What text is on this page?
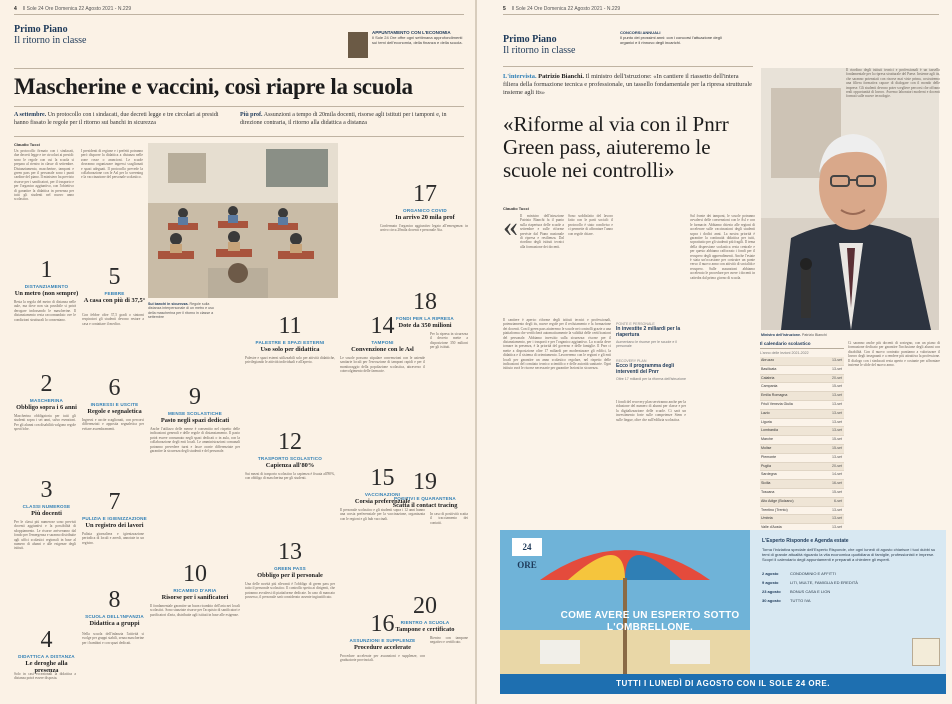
4 Il Sole 24 Ore Domenica 22 Agosto 2021 - N.229
Primo Piano
Il ritorno in classe
APPUNTAMENTO CON L'ECONOMIA
Il Sole 24 Ore offre ogni settimana approfondimenti sui temi dell'economia, della finanza e della scuola.
Mascherine e vaccini, così riapre la scuola
A settembre. Un protocollo con i sindacati, due decreti legge e tre circolari ai presidi hanno fissato le regole per il ritorno sui banchi in sicurezza
Più prof. Assunzioni a tempo di 20mila docenti, risorse agli istituti per i tamponi e, in direzione contraria, il ritorno alla didattica a distanza
Claudio Tucci
Un protocollo firmato con i sindacati, due decreti legge e tre circolari ai presidi: sono le regole con cui la scuola si prepara al rientro in classe di settembre. Distanziamento, mascherine, tamponi e green pass per il personale sono i punti cardine del piano. Il ministero ha previsto risorse per i sanificatori, per il trasporto e per l'organico aggiuntivo, con l'obiettivo di garantire la didattica in presenza per tutti gli studenti nel nuovo anno scolastico.
I presidenti di regione e i prefetti potranno però disporre la didattica a distanza nelle zone rosse o arancioni. Le scuole dovranno organizzare ingressi scaglionati e spazi adeguati. Il protocollo prevede la collaborazione con le Asl per lo screening e la vaccinazione del personale scolastico.
Sui banchi in sicurezza. Regole sulla distanza interpersonale di un metro e uso della mascherina per il ritorno in classe a settembre
1
DISTANZIAMENTO
Un metro (non sempre)
Resta la regola del metro di distanza nelle aule, ma dove non sia possibile si potrà derogare indossando le mascherine. Il distanziamento resta raccomandato ove le condizioni strutturali lo consentano.
2
MASCHERINA
Obbligo sopra i 6 anni
Mascherina obbligatoria per tutti gli studenti sopra i sei anni, salvo esenzioni. Per gli alunni con disabilità valgono regole specifiche.
3
CLASSI NUMEROSE
Più docenti
Per le classi più numerose sono previsti docenti aggiuntivi e la possibilità di sdoppiamento. Le risorse arriveranno dal fondo per l'emergenza e saranno distribuite agli uffici scolastici regionali in base al numero di alunni e alle esigenze degli istituti.
4
DIDATTICA A DISTANZA
Le deroghe alla presenza
Solo in casi eccezionali la didattica a distanza potrà essere disposta.
5
FEBBRE
A casa con più di 37,5°
Con febbre oltre 37,5 gradi o sintomi respiratori gli studenti devono restare a casa e contattare il medico.
6
INGRESSI E USCITE
Regole e segnaletica
Ingressi e uscite scaglionati, con percorsi differenziati e apposita segnaletica per evitare assembramenti.
7
PULIZIA E IGIENIZZAZIONE
Un registro dei lavori
Pulizia giornaliera e igienizzazione periodica di locali e arredi, annotate in un registro.
8
SCUOLA DELL'INFANZIA
Didattica a gruppi
Nella scuola dell'infanzia l'attività si svolge per gruppi stabili, senza mascherine per i bambini e con spazi dedicati.
9
MENSE SCOLASTICHE
Pasto negli spazi dedicati
Anche l'utilizzo delle mense è consentito nel rispetto delle indicazioni generali e delle regole di distanziamento. Il pasto potrà essere consumato negli spazi dedicati o in aula, con la collaborazione degli enti locali. Le amministrazioni comunali potranno prevedere turni e fasce orarie differenziate per garantire la sicurezza degli studenti e del personale.
10
RICAMBIO D'ARIA
Risorse per i sanificatori
Il fondamentale garantire un buon ricambio dell'aria nei locali scolastici. Sono stanziate risorse per l'acquisto di sanificatori e purificatori d'aria, distribuite agli istituti in base alle esigenze.
11
PALESTRE E SPAZI ESTERNI
Uso solo per didattica
Palestre e spazi esterni utilizzabili solo per attività didattiche, privilegiando le attività individuali e all'aperto.
12
TRASPORTO SCOLASTICO
Capienza all'80%
Sui mezzi di trasporto scolastico la capienza è fissata all'80%, con obbligo di mascherina per gli studenti.
13
GREEN PASS
Obbligo per il personale
Una delle novità più rilevanti è l'obbligo di green pass per tutto il personale scolastico. Il controllo spetta ai dirigenti, che potranno avvalersi di piattaforme dedicate. In caso di mancato possesso, il personale sarà considerato assente ingiustificato.
14
TAMPONI
Convenzione con le Asl
Le scuole possono stipulare convenzioni con le aziende sanitarie locali per l'esecuzione di tamponi rapidi e per il monitoraggio della popolazione scolastica, attraverso il coinvolgimento delle farmacie.
15
VACCINAZIONI
Corsia preferenziale
Il personale scolastico e gli studenti sopra i 12 anni hanno una corsia preferenziale per la vaccinazione, organizzata con le regioni e gli hub vaccinali.
16
ASSUNZIONI E SUPPLENZE
Procedure accelerate
Procedure accelerate per assunzioni e supplenze, con graduatorie provinciali.
17
ORGANICO COVID
In arrivo 20 mila prof
Confermato l'organico aggiuntivo legato all'emergenza: in arrivo circa 20mila docenti e personale Ata.
18
FONDI PER LA RIPRESA
Dote da 350 milioni
Per la ripresa in sicurezza il decreto mette a disposizione 350 milioni per gli istituti.
19
POSITIVI E QUARANTENA
Scatta il contact tracing
In caso di positività scatta il tracciamento dei contatti.
20
RIENTRO A SCUOLA
Tampone e certificato
Rientro con tampone negativo e certificato.
5 Il Sole 24 Ore Domenica 22 Agosto 2021 - N.229
Primo Piano
Il ritorno in classe
CONCORSI ANNUALI
Il punto dei prossimi anni: con i concorsi l'attuazione degli organici e il rinnovo degli incarichi.
L'intervista. Patrizio Bianchi. Il ministro dell'istruzione: «In cantiere il riassetto dell'intera filiera della formazione tecnica e professionale, un tassello fondamentale per la ripresa strutturale insieme agli its»
«Riforme al via con il Pnrr Green pass, aiuteremo le scuole nei controlli»
Claudio Tucci
« Il ministro dell'istruzione Patrizio Bianchi fa il punto sulla riapertura delle scuole a settembre e sulle riforme previste dal Piano nazionale di ripresa e resilienza. Dal riordino degli istituti tecnici alla formazione dei docenti.
Il cantiere è aperto: riforme degli istituti tecnici e professionali, potenziamento degli its, nuove regole per il reclutamento e la formazione dei docenti. Con il green pass aiuteremo le scuole nei controlli grazie a una piattaforma che verificherà automaticamente la validità delle certificazioni del personale. Abbiamo investito sulla sicurezza: risorse per il distanziamento, per i trasporti e per l'organico aggiuntivo. La scuola deve tornare in presenza, è la priorità del governo e delle famiglie. Il Pnrr ci mette a disposizione oltre 17 miliardi per modernizzare gli edifici, la didattica e il sistema di orientamento. Lavoreremo con le regioni e gli enti locali per garantire un anno scolastico regolare, nel rispetto delle indicazioni del comitato tecnico scientifico e delle autorità sanitarie. Ogni istituto avrà le risorse necessarie per garantire lezioni in sicurezza.
Sono soddisfatto del lavoro fatto con le parti sociali: il protocollo è stato condiviso e ci permette di affrontare l'anno con regole chiare.
PONTE E PERSONALE
In investite 2 miliardi per la riapertura
Aumentano le risorse per le scuole e il personale
RECOVERY PLAN
Ecco il programma degli interventi del Pnrr
Oltre 17 miliardi per la riforma dell'istruzione
I fondi del recovery plan serviranno anche per la riduzione del numero di alunni per classe e per la digitalizzazione delle scuole. Ci sarà un investimento forte sulle competenze Stem e sulle lingue, oltre che sull'edilizia scolastica.
Sul fronte dei tamponi, le scuole potranno avvalersi delle convenzioni con le Asl e con le farmacie. Abbiamo chiesto alle regioni di accelerare sulle vaccinazioni degli studenti sopra i dodici anni. La nostra priorità è garantire la continuità didattica per tutti, soprattutto per gli studenti più fragili. Il tema della dispersione scolastica resta centrale e per questo abbiamo rafforzato i fondi per il recupero degli apprendimenti. Anche l'estate è stata un'occasione per costruire un ponte verso il nuovo anno con attività di socialità e recupero. Sulle assunzioni abbiamo accelerato le procedure per avere i docenti in cattedra dal primo giorno di scuola.
Ministro dell'istruzione. Patrizio Bianchi
Il calendario scolastico
L'anno delle lezioni 2021-2022
Abruzzo	13-set
Basilicata	13-set
Calabria	20-set
Campania	15-set
Emilia Romagna	13-set
Friuli Venezia Giulia	13-set
Lazio	13-set
Liguria	13-set
Lombardia	13-set
Marche	15-set
Molise	15-set
Piemonte	13-set
Puglia	20-set
Sardegna	14-set
Sicilia	16-set
Toscana	15-set
Alto Adige (Bolzano)	6-set
Trentino (Trento)	13-set
Umbria	13-set
Valle d'Aosta	13-set
Ci saranno anche più docenti di sostegno, con un piano di formazione dedicato per garantire l'inclusione degli alunni con disabilità. Con il nuovo contratto puntiamo a valorizzare il lavoro degli insegnanti e a rendere più attrattiva la professione. Il dialogo con i sindacati resta aperto e costante per affrontare insieme le sfide del nuovo anno.
Il riordino degli istituti tecnici e professionali è un tassello fondamentale per la ripresa strutturale del Paese. Insieme agli its, che saranno potenziati con risorse mai viste prima, costruiremo una filiera formativa capace di dialogare con il mondo delle imprese. Gli studenti devono poter scegliere percorsi che offrano reali opportunità di lavoro. Avremo laboratori moderni e docenti formati sulle nuove tecnologie.
24 ORE
COME AVERE UN ESPERTO SOTTO L'OMBRELLONE.
L'Esperto Risponde e Agenda estate
Torna l'iniziativa speciale dell'Esperto Risponde, che ogni lunedì di agosto chiarisce i tuoi dubbi su temi di grande attualità riguardo la vita economica quotidiana di famiglie, professionisti e imprese. Scopri il calendario degli appuntamenti e preparati a chiedere gli esperti.
2 agosto	CONDOMINIO E AFFITTI
9 agosto	LITI, MULTE, FAMIGLIA ED EREDITÀ
23 agosto	BONUS CASA E LION
30 agosto	TUTTO IVA
TUTTI I LUNEDÌ DI AGOSTO CON IL SOLE 24 ORE.
